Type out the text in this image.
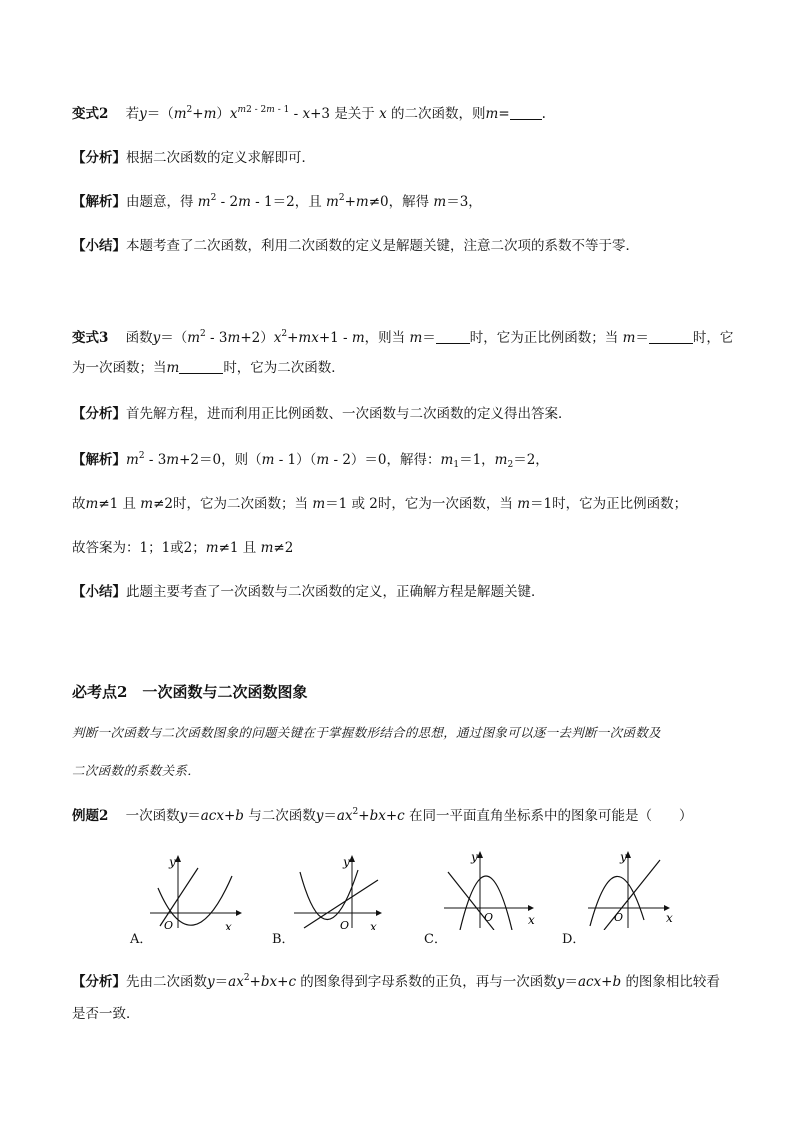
变式2 若$y=(m^2+m)x^{m2 - 2m - 1} - x+3$ 是关于 x 的二次函数，则m= .
【分析】根据二次函数的定义求解即可．
【解析】由题意，得 $m^2 - 2m - 1=2$，且 $m^2+m\ne 0$，解得 m＝3，
【小结】本题考查了二次函数，利用二次函数的定义是解题关键，注意二次项的系数不等于零．
变式3 函数$y=(m^2 - 3m+2)x^2+mx+1 - m$，则当 m＝	时，它为正比例函数；当 m＝	时，它
为一次函数；当m	时，它为二次函数．
【分析】首先解方程，进而利用正比例函数、一次函数与二次函数的定义得出答案．
【解析】$m^2 - 3m+2=0$，则（m - 1）（m - 2）＝0，解得：$m_1=1$，$m_2=2$，
故m≠1 且 m≠2时，它为二次函数；当 m＝1 或 2时，它为一次函数，当 m＝1时，它为正比例函数；
故答案为：1；1或2；m≠1 且 m≠2
【小结】此题主要考查了一次函数与二次函数的定义，正确解方程是解题关键．
必考点2　一次函数与二次函数图象
判断一次函数与二次函数图象的问题关键在于掌握数形结合的思想，通过图象可以逐一去判断一次函数及
二次函数的系数关系．
例题2 一次函数y＝acx+b 与二次函数$y=ax^2+bx+c$ 在同一平面直角坐标系中的图象可能是（　　）
y
x
O
A．
y
x
O
B．
y
x
O
C．
y
x
O
D．
【分析】先由二次函数$y=ax^2+bx+c$ 的图象得到字母系数的正负，再与一次函数y＝acx+b 的图象相比较看
是否一致．
